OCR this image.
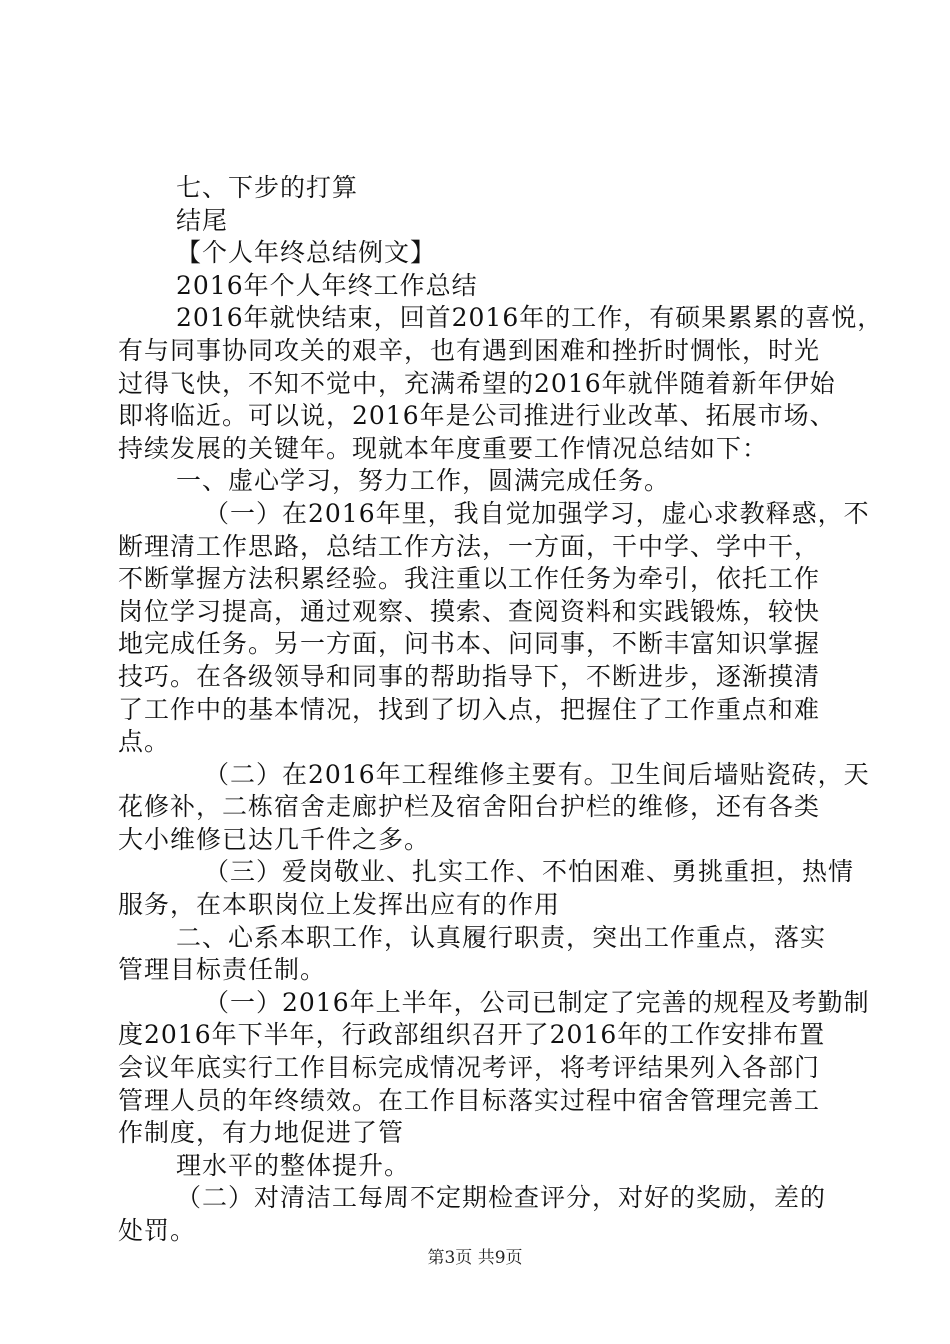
七、下步的打算
结尾
【个人年终总结例文】
2016年个人年终工作总结
2016年就快结束，回首2016年的工作，有硕果累累的喜悦，
有与同事协同攻关的艰辛，也有遇到困难和挫折时惆怅，时光
过得飞快，不知不觉中，充满希望的2016年就伴随着新年伊始
即将临近。可以说，2016年是公司推进行业改革、拓展市场、
持续发展的关键年。现就本年度重要工作情况总结如下：
一、虚心学习，努力工作，圆满完成任务。
（一）在2016年里，我自觉加强学习，虚心求教释惑，不
断理清工作思路，总结工作方法，一方面，干中学、学中干，
不断掌握方法积累经验。我注重以工作任务为牵引，依托工作
岗位学习提高，通过观察、摸索、查阅资料和实践锻炼，较快
地完成任务。另一方面，问书本、问同事，不断丰富知识掌握
技巧。在各级领导和同事的帮助指导下，不断进步，逐渐摸清
了工作中的基本情况，找到了切入点，把握住了工作重点和难
点。
（二）在2016年工程维修主要有。卫生间后墙贴瓷砖，天
花修补，二栋宿舍走廊护栏及宿舍阳台护栏的维修，还有各类
大小维修已达几千件之多。
（三）爱岗敬业、扎实工作、不怕困难、勇挑重担，热情
服务，在本职岗位上发挥出应有的作用
二、心系本职工作，认真履行职责，突出工作重点，落实
管理目标责任制。
（一）2016年上半年，公司已制定了完善的规程及考勤制
度2016年下半年，行政部组织召开了2016年的工作安排布置
会议年底实行工作目标完成情况考评，将考评结果列入各部门
管理人员的年终绩效。在工作目标落实过程中宿舍管理完善工
作制度，有力地促进了管
理水平的整体提升。
（二）对清洁工每周不定期检查评分，对好的奖励，差的
处罚。
第3页 共9页
